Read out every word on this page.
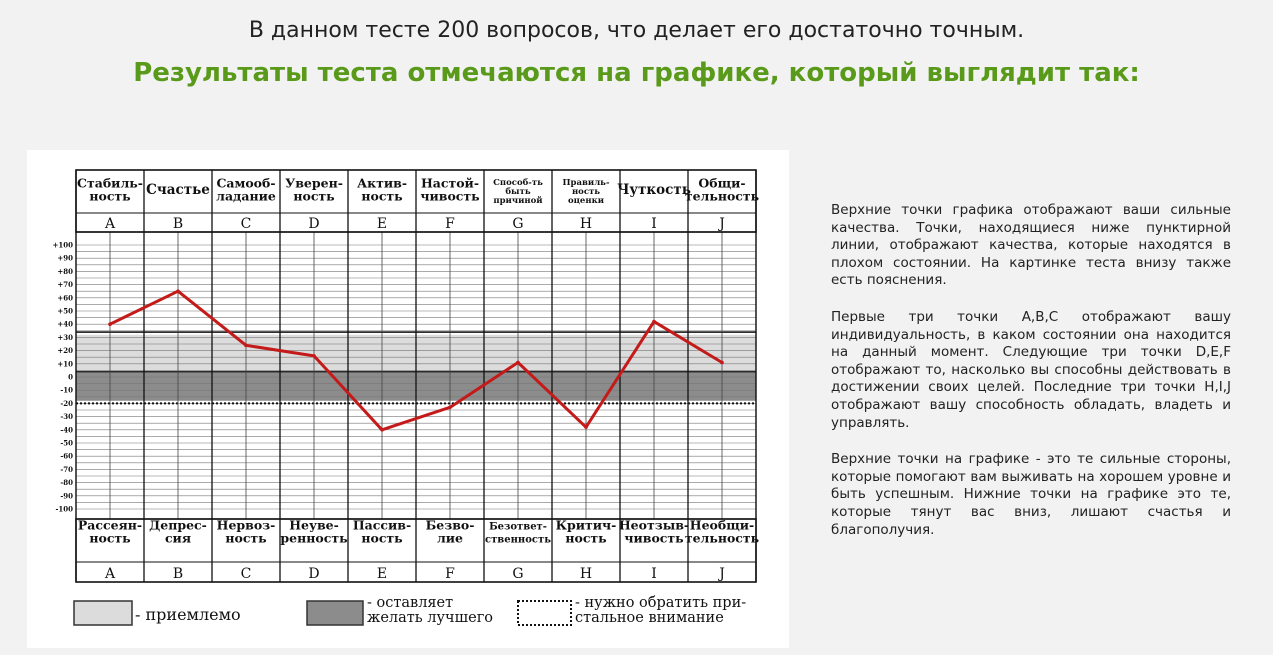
В данном тесте 200 вопросов, что делает его достаточно точным.
Результаты теста отмечаются на графике, который выглядит так:
+100
+90
+80
+70
+60
+50
+40
+30
+20
+10
0
-10
-20
-30
-40
-50
-60
-70
-80
-90
-100
Стабиль-
ность Счастье Самооб-
ладание
Уверен-
ность
Актив-
ность
Настой-
чивость
Способ-ть
быть
причиной
Правиль-
ность
оценки
Чуткость Общи-
тельность
Рассеян-
ность
Депрес-
сия
Нервоз-
ность
Неуве-
ренность
Пассив-
ность
Безво-
лие
Безответ-
ственность
Критич-
ность
Неотзыв-
чивость
Необщи-
тельность
A
A
B
B
C
C
D
D
E
E
F
F
G
G
H
H
I
I
J
J
- приемлемо
- оставляет
желать лучшего
- нужно обратить при-
стальное внимание

Верхние точки графика отображают ваши сильные качества. Точки, находящиеся ниже пунктирной линии, отображают качества, которые находятся в плохом состоянии. На картинке теста внизу также есть пояснения.

Первые три точки A,B,C отображают вашу индивидуальность, в каком состоянии она находится на данный момент. Следующие три точки D,E,F отображают то, насколько вы способны действовать в достижении своих целей. Последние три точки H,I,J отображают вашу способность обладать, владеть и управлять.

Верхние точки на графике - это те сильные стороны, которые помогают вам выживать на хорошем уровне и быть успешным. Нижние точки на графике это те, которые тянут вас вниз, лишают счастья и благополучия.
